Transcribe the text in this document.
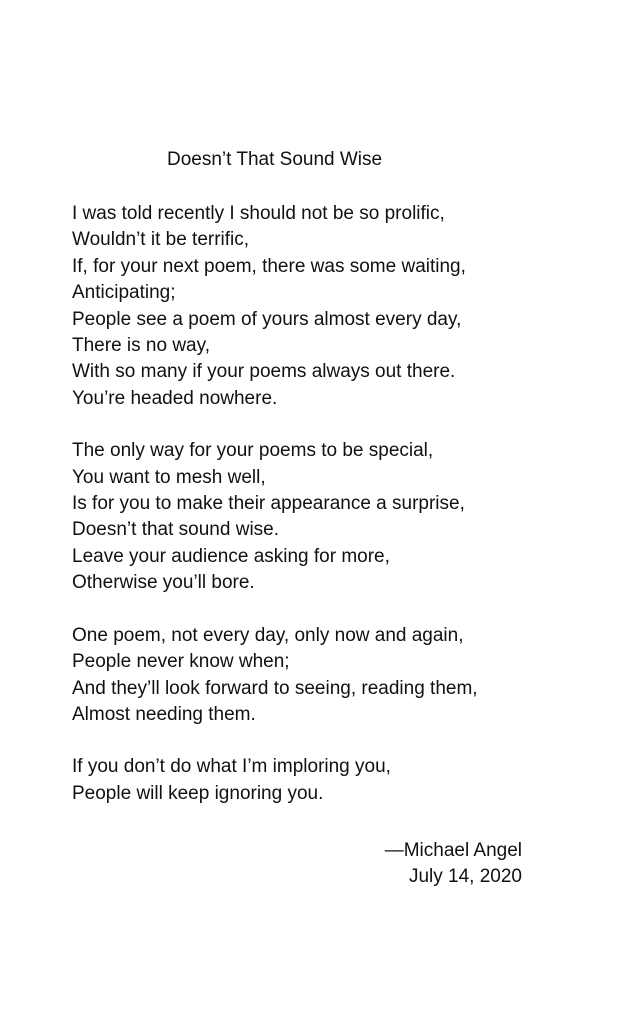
Doesn’t That Sound Wise
I was told recently I should not be so prolific,
Wouldn’t it be terrific,
If, for your next poem, there was some waiting,
Anticipating;
People see a poem of yours almost every day,
There is no way,
With so many if your poems always out there.
You’re headed nowhere.
The only way for your poems to be special,
You want to mesh well,
Is for you to make their appearance a surprise,
Doesn’t that sound wise.
Leave your audience asking for more,
Otherwise you’ll bore.
One poem, not every day, only now and again,
People never know when;
And they’ll look forward to seeing, reading them,
Almost needing them.
If you don’t do what I’m imploring you,
People will keep ignoring you.
—Michael Angel
July 14, 2020
